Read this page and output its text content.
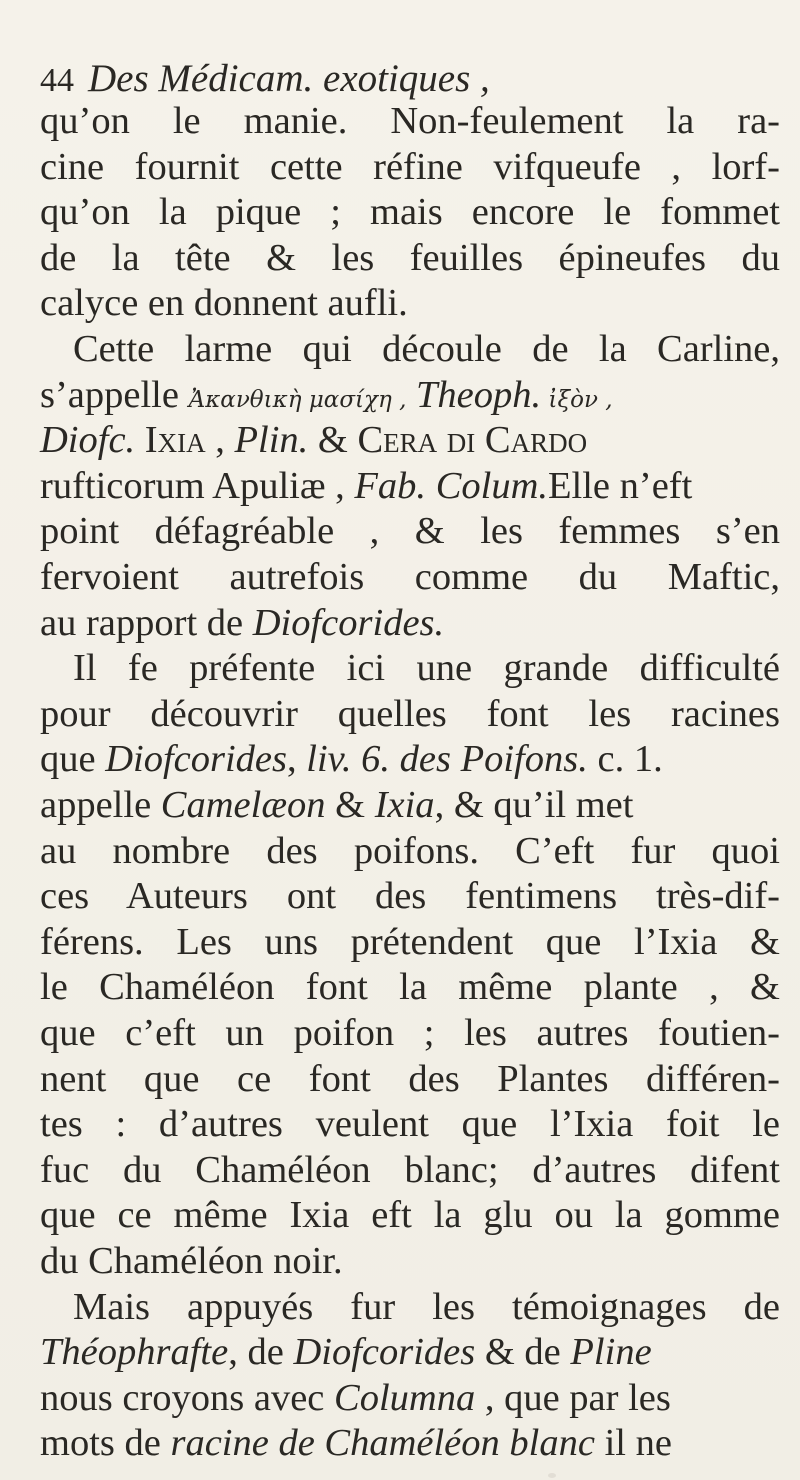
44 Des Médicam. exotiques ,
qu’on le manie. Non-feulement la ra-
cine fournit cette réfine vifqueufe , lorf-
qu’on la pique ; mais encore le fommet
de la tête & les feuilles épineufes du
calyce en donnent aufli.
Cette larme qui découle de la Carline,
s’appelle Ἀκανθικὴ μασίχη , Theoph. ἰξὸν ,
Diofc. Ixia , Plin. & Cera di Cardo
rufticorum Apuliæ , Fab. Colum.Elle n’eft
point défagréable , & les femmes s’en
fervoient autrefois comme du Maftic,
au rapport de Diofcorides.
Il fe préfente ici une grande difficulté
pour découvrir quelles font les racines
que Diofcorides, liv. 6. des Poifons. c. 1.
appelle Camelæon & Ixia, & qu’il met
au nombre des poifons. C’eft fur quoi
ces Auteurs ont des fentimens très-dif-
férens. Les uns prétendent que l’Ixia &
le Chaméléon font la même plante , &
que c’eft un poifon ; les autres foutien-
nent que ce font des Plantes différen-
tes : d’autres veulent que l’Ixia foit le
fuc du Chaméléon blanc; d’autres difent
que ce même Ixia eft la glu ou la gomme
du Chaméléon noir.
Mais appuyés fur les témoignages de
Théophrafte, de Diofcorides & de Pline
nous croyons avec Columna , que par les
mots de racine de Chaméléon blanc il ne
